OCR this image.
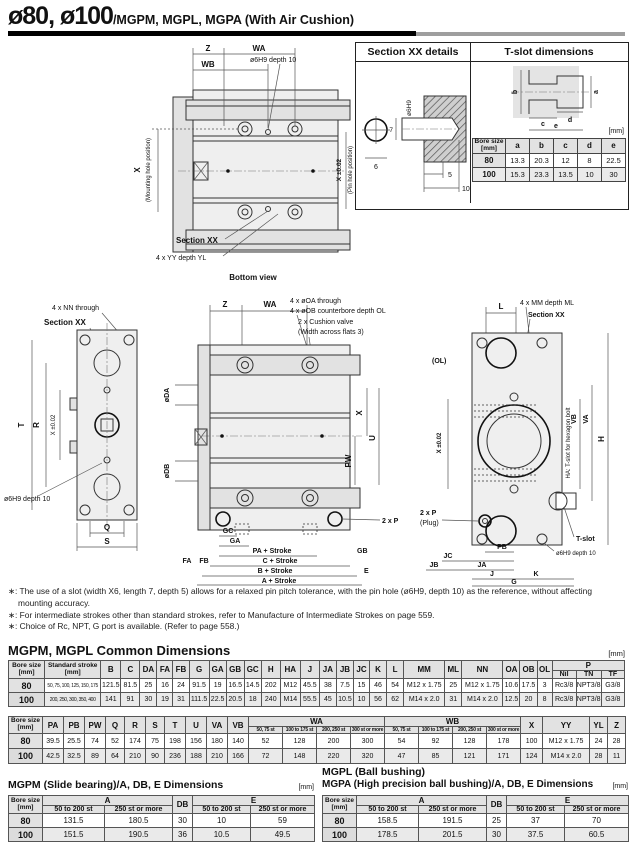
ø80, ø100/MGPM, MGPL, MGPA (With Air Cushion)
Section XX details	T-slot dimensions
7
ø6H9
6
5
10
b	a
c
d
e
[mm]
Bore size [mm]	a	b	c	d	e
80	13.3	20.3	12	8	22.5
100	15.3	23.3	13.5	10	30
Z	WA
WB	ø6H9 depth 10
X (Mounting hole position)	X ±0.02 (Pin hole position)
Section XX
4 x YY depth YL
Bottom view
4 x NN through
Section XX
T R X ±0.02
ø6H9 depth 10
Q
S
Z	WA 4 x øOA through
4 x øOB counterbore depth OL
2 x Cushion valve
(Width across flats 3)
øDA
øDB
X
U
PW
2 x P
GC
GA
PA + Stroke
C + Stroke
B + Stroke
A + Stroke
FA FB
GB
E
L 4 x MM depth ML
Section XX
(OL)
X ±0.02	HA: T-slot for hexagon bolt VB VA
H
2 x P
(Plug)
PB
JC
JB	JA
J	K
G
T-slot
ø6H9 depth 10
∗: The use of a slot (width X6, length 7, depth 5) allows for a relaxed pin pitch tolerance, with the pin hole (ø6H9, depth 10) as the reference, without affecting mounting accuracy.
∗: For intermediate strokes other than standard strokes, refer to Manufacture of Intermediate Strokes on page 559.
∗: Choice of Rc, NPT, G port is available. (Refer to page 558.)
MGPM, MGPL Common Dimensions	[mm]
Bore size [mm]	Standard stroke [mm]	B	C	DA	FA	FB	G	GA	GB	GC	H	HA	J	JA	JB	JC	K	L	MM	ML	NN	OA	OB	OL	P		
																									Nil	TN	TF
80	50, 75, 100, 125, 150, 175	121.5	81.5	25	16	24	91.5	19	16.5	14.5	202	M12	45.5	38	7.5	15	46	54	M12 x 1.75	25	M12 x 1.75	10.6	17.5	3	Rc3/8	NPT3/8	G3/8
100	200, 250, 300, 350, 400	141	91	30	19	31	111.5	22.5	20.5	18	240	M14	55.5	45	10.5	10	56	62	M14 x 2.0	31	M14 x 2.0	12.5	20	8	Rc3/8	NPT3/8	G3/8
Bore size [mm]	PA	PB	PW	Q	R	S	T	U	VA	VB	WA				WB				X	YY	YL	Z
											50, 75 st	100 to 175 st	200, 250 st	300 st or more	50, 75 st	100 to 175 st	200, 250 st	300 st or more				
80	39.5	25.5	74	52	174	75	198	156	180	140	52	128	200	300	54	92	128	178	100	M12 x 1.75	24	28
100	42.5	32.5	89	64	210	90	236	188	210	166	72	148	220	320	47	85	121	171	124	M14 x 2.0	28	11
MGPM (Slide bearing)/A, DB, E Dimensions	[mm]
Bore size [mm]	A		DB	E	
	50 to 200 st	250 st or more		50 to 200 st	250 st or more
80	131.5	180.5	30	10	59
100	151.5	190.5	36	10.5	49.5
MGPL (Ball bushing)
MGPA (High precision ball bushing)/A, DB, E Dimensions	[mm]
Bore size [mm]	A		DB	E	
	50 to 200 st	250 st or more		50 to 200 st	250 st or more
80	158.5	191.5	25	37	70
100	178.5	201.5	30	37.5	60.5
